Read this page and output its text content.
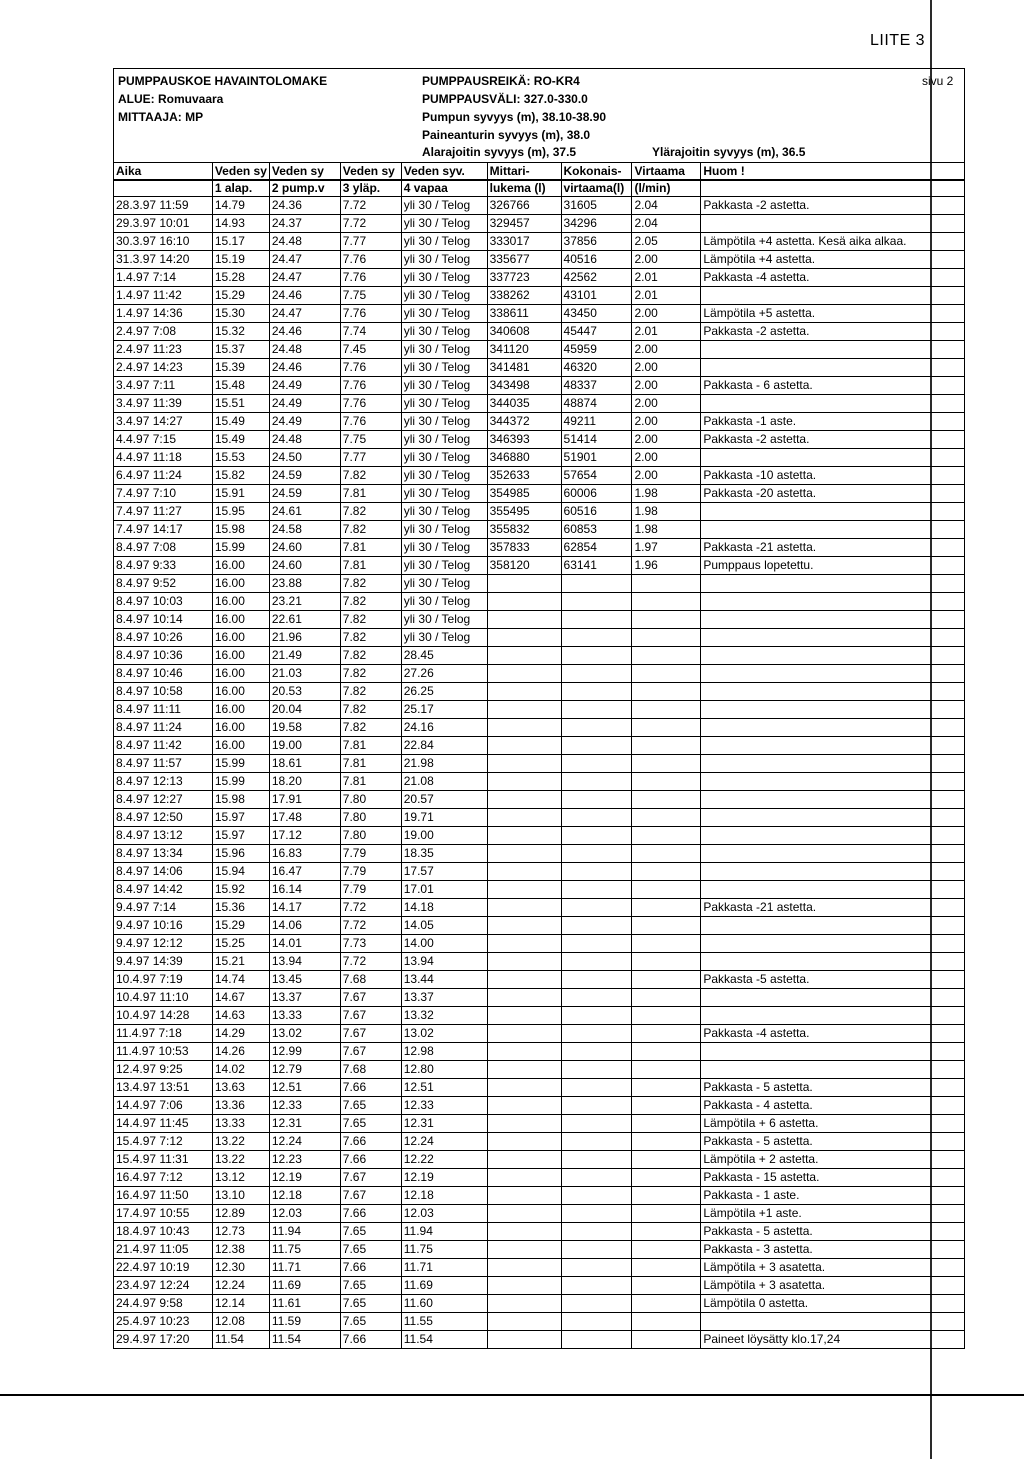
LIITE 3
PUMPPAUSKOE HAVAINTOLOMAKE
ALUE: Romuvaara
MITTAAJA: MP
PUMPPAUSREIKÄ: RO-KR4
PUMPPAUSVÄLI: 327.0-330.0
Pumpun syvyys (m), 38.10-38.90
Paineanturin syvyys (m), 38.0
Alarajoitin syvyys (m), 37.5	Ylärajoitin syvyys (m), 36.5
sivu 2
Aika	Veden sy	Veden sy	Veden sy	Veden syv.	Mittari-	Kokonais-	Virtaama	Huom !
	1 alap.	2 pump.v	3 yläp.	4 vapaa	lukema (l)	virtaama(l)	(l/min)	
28.3.97 11:59	14.79	24.36	7.72	yli 30 / Telog	326766	31605	2.04	Pakkasta -2 astetta.
29.3.97 10:01	14.93	24.37	7.72	yli 30 / Telog	329457	34296	2.04	
30.3.97 16:10	15.17	24.48	7.77	yli 30 / Telog	333017	37856	2.05	Lämpötila +4 astetta. Kesä aika alkaa.
31.3.97 14:20	15.19	24.47	7.76	yli 30 / Telog	335677	40516	2.00	Lämpötila +4 astetta.
1.4.97 7:14	15.28	24.47	7.76	yli 30 / Telog	337723	42562	2.01	Pakkasta -4 astetta.
1.4.97 11:42	15.29	24.46	7.75	yli 30 / Telog	338262	43101	2.01	
1.4.97 14:36	15.30	24.47	7.76	yli 30 / Telog	338611	43450	2.00	Lämpötila +5 astetta.
2.4.97 7:08	15.32	24.46	7.74	yli 30 / Telog	340608	45447	2.01	Pakkasta -2 astetta.
2.4.97 11:23	15.37	24.48	7.45	yli 30 / Telog	341120	45959	2.00	
2.4.97 14:23	15.39	24.46	7.76	yli 30 / Telog	341481	46320	2.00	
3.4.97 7:11	15.48	24.49	7.76	yli 30 / Telog	343498	48337	2.00	Pakkasta - 6 astetta.
3.4.97 11:39	15.51	24.49	7.76	yli 30 / Telog	344035	48874	2.00	
3.4.97 14:27	15.49	24.49	7.76	yli 30 / Telog	344372	49211	2.00	Pakkasta -1 aste.
4.4.97 7:15	15.49	24.48	7.75	yli 30 / Telog	346393	51414	2.00	Pakkasta -2 astetta.
4.4.97 11:18	15.53	24.50	7.77	yli 30 / Telog	346880	51901	2.00	
6.4.97 11:24	15.82	24.59	7.82	yli 30 / Telog	352633	57654	2.00	Pakkasta -10 astetta.
7.4.97 7:10	15.91	24.59	7.81	yli 30 / Telog	354985	60006	1.98	Pakkasta -20 astetta.
7.4.97 11:27	15.95	24.61	7.82	yli 30 / Telog	355495	60516	1.98	
7.4.97 14:17	15.98	24.58	7.82	yli 30 / Telog	355832	60853	1.98	
8.4.97 7:08	15.99	24.60	7.81	yli 30 / Telog	357833	62854	1.97	Pakkasta -21 astetta.
8.4.97 9:33	16.00	24.60	7.81	yli 30 / Telog	358120	63141	1.96	Pumppaus lopetettu.
8.4.97 9:52	16.00	23.88	7.82	yli 30 / Telog				
8.4.97 10:03	16.00	23.21	7.82	yli 30 / Telog				
8.4.97 10:14	16.00	22.61	7.82	yli 30 / Telog				
8.4.97 10:26	16.00	21.96	7.82	yli 30 / Telog				
8.4.97 10:36	16.00	21.49	7.82	28.45				
8.4.97 10:46	16.00	21.03	7.82	27.26				
8.4.97 10:58	16.00	20.53	7.82	26.25				
8.4.97 11:11	16.00	20.04	7.82	25.17				
8.4.97 11:24	16.00	19.58	7.82	24.16				
8.4.97 11:42	16.00	19.00	7.81	22.84				
8.4.97 11:57	15.99	18.61	7.81	21.98				
8.4.97 12:13	15.99	18.20	7.81	21.08				
8.4.97 12:27	15.98	17.91	7.80	20.57				
8.4.97 12:50	15.97	17.48	7.80	19.71				
8.4.97 13:12	15.97	17.12	7.80	19.00				
8.4.97 13:34	15.96	16.83	7.79	18.35				
8.4.97 14:06	15.94	16.47	7.79	17.57				
8.4.97 14:42	15.92	16.14	7.79	17.01				
9.4.97 7:14	15.36	14.17	7.72	14.18				Pakkasta -21 astetta.
9.4.97 10:16	15.29	14.06	7.72	14.05				
9.4.97 12:12	15.25	14.01	7.73	14.00				
9.4.97 14:39	15.21	13.94	7.72	13.94				
10.4.97 7:19	14.74	13.45	7.68	13.44				Pakkasta -5 astetta.
10.4.97 11:10	14.67	13.37	7.67	13.37				
10.4.97 14:28	14.63	13.33	7.67	13.32				
11.4.97 7:18	14.29	13.02	7.67	13.02				Pakkasta -4 astetta.
11.4.97 10:53	14.26	12.99	7.67	12.98				
12.4.97 9:25	14.02	12.79	7.68	12.80				
13.4.97 13:51	13.63	12.51	7.66	12.51				Pakkasta - 5 astetta.
14.4.97 7:06	13.36	12.33	7.65	12.33				Pakkasta - 4 astetta.
14.4.97 11:45	13.33	12.31	7.65	12.31				Lämpötila + 6 astetta.
15.4.97 7:12	13.22	12.24	7.66	12.24				Pakkasta - 5 astetta.
15.4.97 11:31	13.22	12.23	7.66	12.22				Lämpötila + 2 astetta.
16.4.97 7:12	13.12	12.19	7.67	12.19				Pakkasta - 15 astetta.
16.4.97 11:50	13.10	12.18	7.67	12.18				Pakkasta - 1 aste.
17.4.97 10:55	12.89	12.03	7.66	12.03				Lämpötila +1 aste.
18.4.97 10:43	12.73	11.94	7.65	11.94				Pakkasta - 5 astetta.
21.4.97 11:05	12.38	11.75	7.65	11.75				Pakkasta - 3 astetta.
22.4.97 10:19	12.30	11.71	7.66	11.71				Lämpötila + 3 asatetta.
23.4.97 12:24	12.24	11.69	7.65	11.69				Lämpötila + 3 asatetta.
24.4.97 9:58	12.14	11.61	7.65	11.60				Lämpötila 0 astetta.
25.4.97 10:23	12.08	11.59	7.65	11.55				
29.4.97 17:20	11.54	11.54	7.66	11.54				Paineet löysätty klo.17,24
